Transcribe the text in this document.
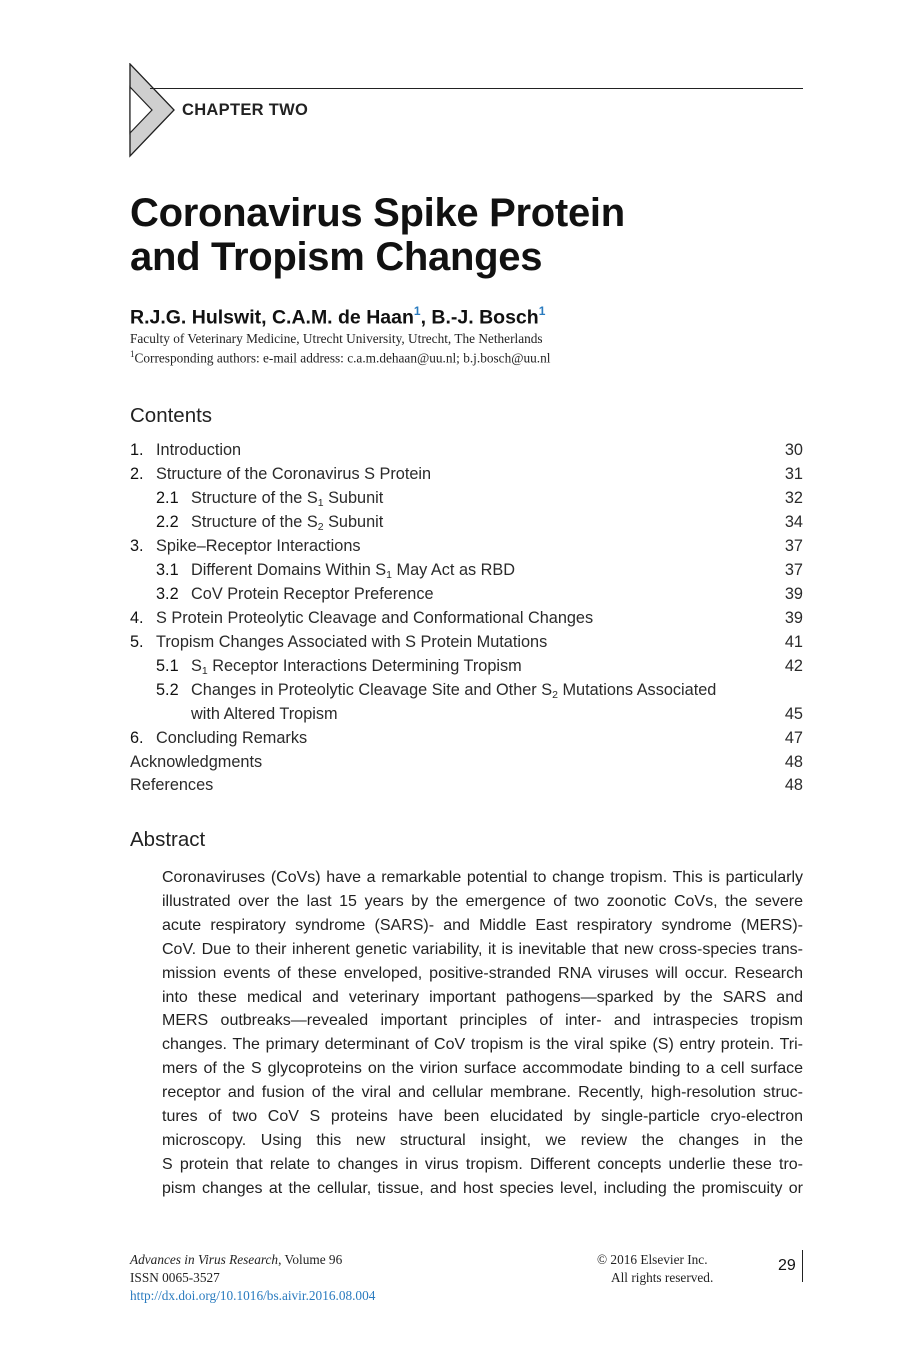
CHAPTER TWO
Coronavirus Spike Protein
and Tropism Changes
R.J.G. Hulswit, C.A.M. de Haan$^1$, B.-J. Bosch$^1$
Faculty of Veterinary Medicine, Utrecht University, Utrecht, The Netherlands
$^1$Corresponding authors: e-mail address: c.a.m.dehaan@uu.nl; b.j.bosch@uu.nl
Contents
1. Introduction	30
2. Structure of the Coronavirus S Protein	31
2.1 Structure of the $S_1$ Subunit	32
2.2 Structure of the $S_2$ Subunit	34
3. Spike–Receptor Interactions	37
3.1 Different Domains Within $S_1$ May Act as RBD	37
3.2 CoV Protein Receptor Preference	39
4. S Protein Proteolytic Cleavage and Conformational Changes	39
5. Tropism Changes Associated with S Protein Mutations	41
5.1 $S_1$ Receptor Interactions Determining Tropism	42
5.2 Changes in Proteolytic Cleavage Site and Other $S_2$ Mutations Associated
with Altered Tropism	45
6. Concluding Remarks	47
Acknowledgments	48
References	48
Abstract
Coronaviruses (CoVs) have a remarkable potential to change tropism. This is particularly
illustrated over the last 15 years by the emergence of two zoonotic CoVs, the severe
acute respiratory syndrome (SARS)- and Middle East respiratory syndrome (MERS)-
CoV. Due to their inherent genetic variability, it is inevitable that new cross-species trans-
mission events of these enveloped, positive-stranded RNA viruses will occur. Research
into these medical and veterinary important pathogens—sparked by the SARS and
MERS outbreaks—revealed important principles of inter- and intraspecies tropism
changes. The primary determinant of CoV tropism is the viral spike (S) entry protein. Tri-
mers of the S glycoproteins on the virion surface accommodate binding to a cell surface
receptor and fusion of the viral and cellular membrane. Recently, high-resolution struc-
tures of two CoV S proteins have been elucidated by single-particle cryo-electron
microscopy. Using this new structural insight, we review the changes in the
S protein that relate to changes in virus tropism. Different concepts underlie these tro-
pism changes at the cellular, tissue, and host species level, including the promiscuity or
Advances in Virus Research, Volume 96
ISSN 0065-3527
http://dx.doi.org/10.1016/bs.aivir.2016.08.004
© 2016 Elsevier Inc.
All rights reserved.
29
